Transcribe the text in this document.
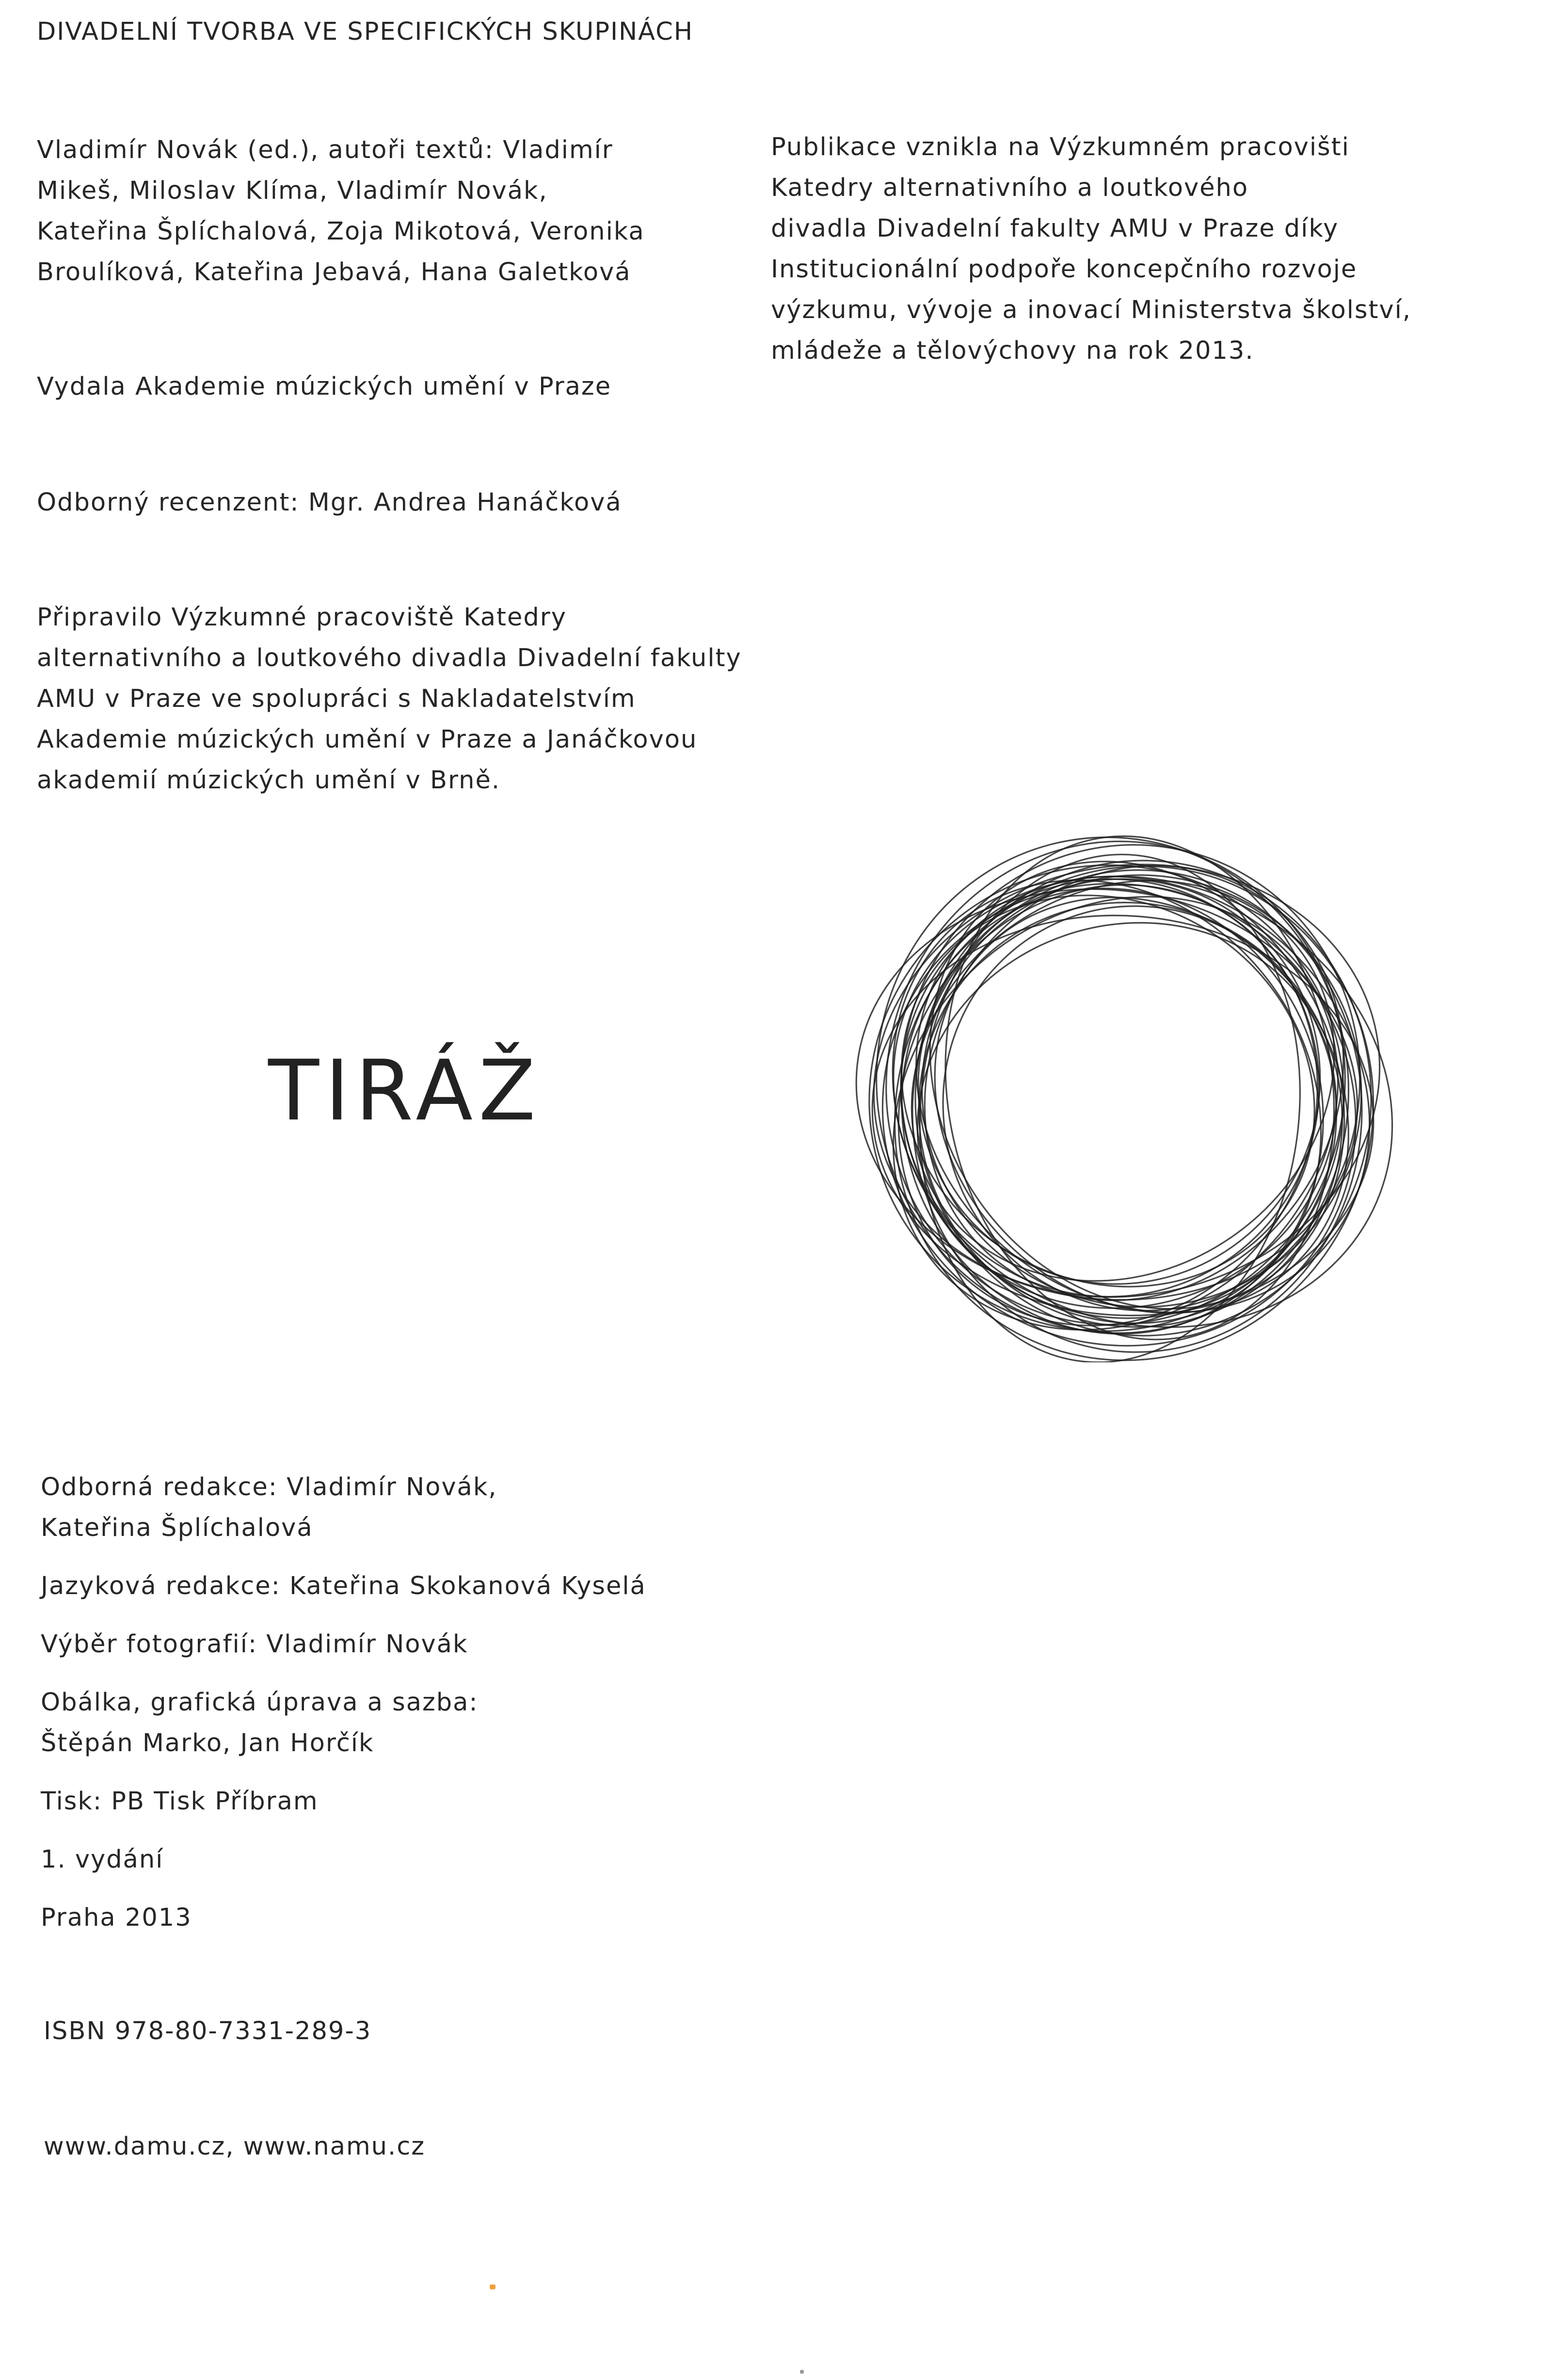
DIVADELNÍ TVORBA VE SPECIFICKÝCH SKUPINÁCH

Vladimír Novák (ed.), autoři textů: Vladimír
Mikeš, Miloslav Klíma, Vladimír Novák,
Kateřina Šplíchalová, Zoja Mikotová, Veronika
Broulíková, Kateřina Jebavá, Hana Galetková
Publikace vznikla na Výzkumném pracovišti
Katedry alternativního a loutkového
divadla Divadelní fakulty AMU v Praze díky
Institucionální podpoře koncepčního rozvoje
výzkumu, vývoje a inovací Ministerstva školství,
mládeže a tělovýchovy na rok 2013.

Vydala Akademie múzických umění v Praze

Odborný recenzent: Mgr. Andrea Hanáčková

Připravilo Výzkumné pracoviště Katedry
alternativního a loutkového divadla Divadelní fakulty
AMU v Praze ve spolupráci s Nakladatelstvím
Akademie múzických umění v Praze a Janáčkovou
akademií múzických umění v Brně.
TIRÁŽ
Odborná redakce: Vladimír Novák,
Kateřina Šplíchalová

Jazyková redakce: Kateřina Skokanová Kyselá

Výběr fotografií: Vladimír Novák

Obálka, grafická úprava a sazba:
Štěpán Marko, Jan Horčík

Tisk: PB Tisk Příbram

1. vydání

Praha 2013

ISBN 978-80-7331-289-3

www.damu.cz, www.namu.cz
